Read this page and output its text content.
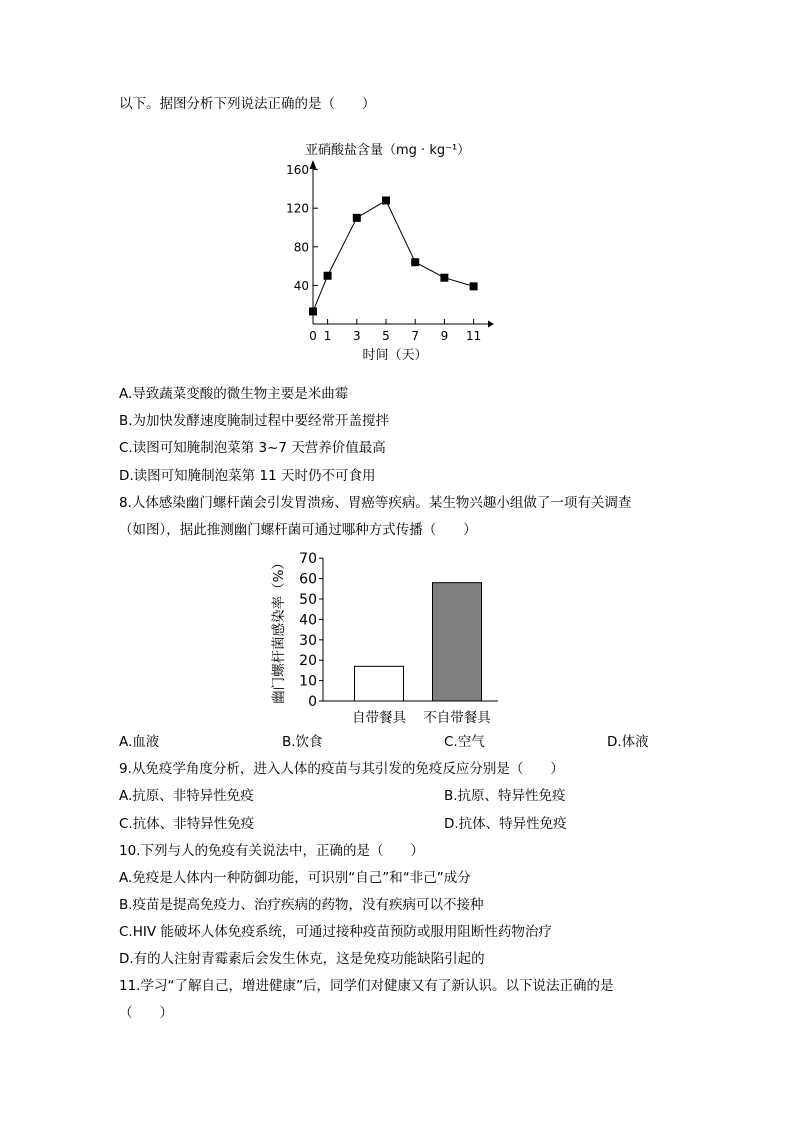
以下。据图分析下列说法正确的是（　　）
40
80
120
160
0 1 3 5 7 9 11
亚硝酸盐含量（mg · kg⁻¹）
时间（天）
0
10
20
30
40
50
60
70
自带餐具 不自带餐具
幽门螺杆菌感染率（%）
A.导致蔬菜变酸的微生物主要是米曲霉
B.为加快发酵速度腌制过程中要经常开盖搅拌
C.读图可知腌制泡菜第 3~7 天营养价值最高
D.读图可知腌制泡菜第 11 天时仍不可食用
8.人体感染幽门螺杆菌会引发胃溃疡、胃癌等疾病。某生物兴趣小组做了一项有关调查
（如图），据此推测幽门螺杆菌可通过哪种方式传播（　　）
A.血液	B.饮食	C.空气	D.体液
9.从免疫学角度分析，进入人体的疫苗与其引发的免疫反应分别是（　　）
A.抗原、非特异性免疫	B.抗原、特异性免疫
C.抗体、非特异性免疫	D.抗体、特异性免疫
10.下列与人的免疫有关说法中，正确的是（　　）
A.免疫是人体内一种防御功能，可识别“自己”和“非己”成分
B.疫苗是提高免疫力、治疗疾病的药物，没有疾病可以不接种
C.HIV 能破坏人体免疫系统，可通过接种疫苗预防或服用阻断性药物治疗
D.有的人注射青霉素后会发生休克，这是免疫功能缺陷引起的
11.学习“了解自己，增进健康”后，同学们对健康又有了新认识。以下说法正确的是
（　　）
